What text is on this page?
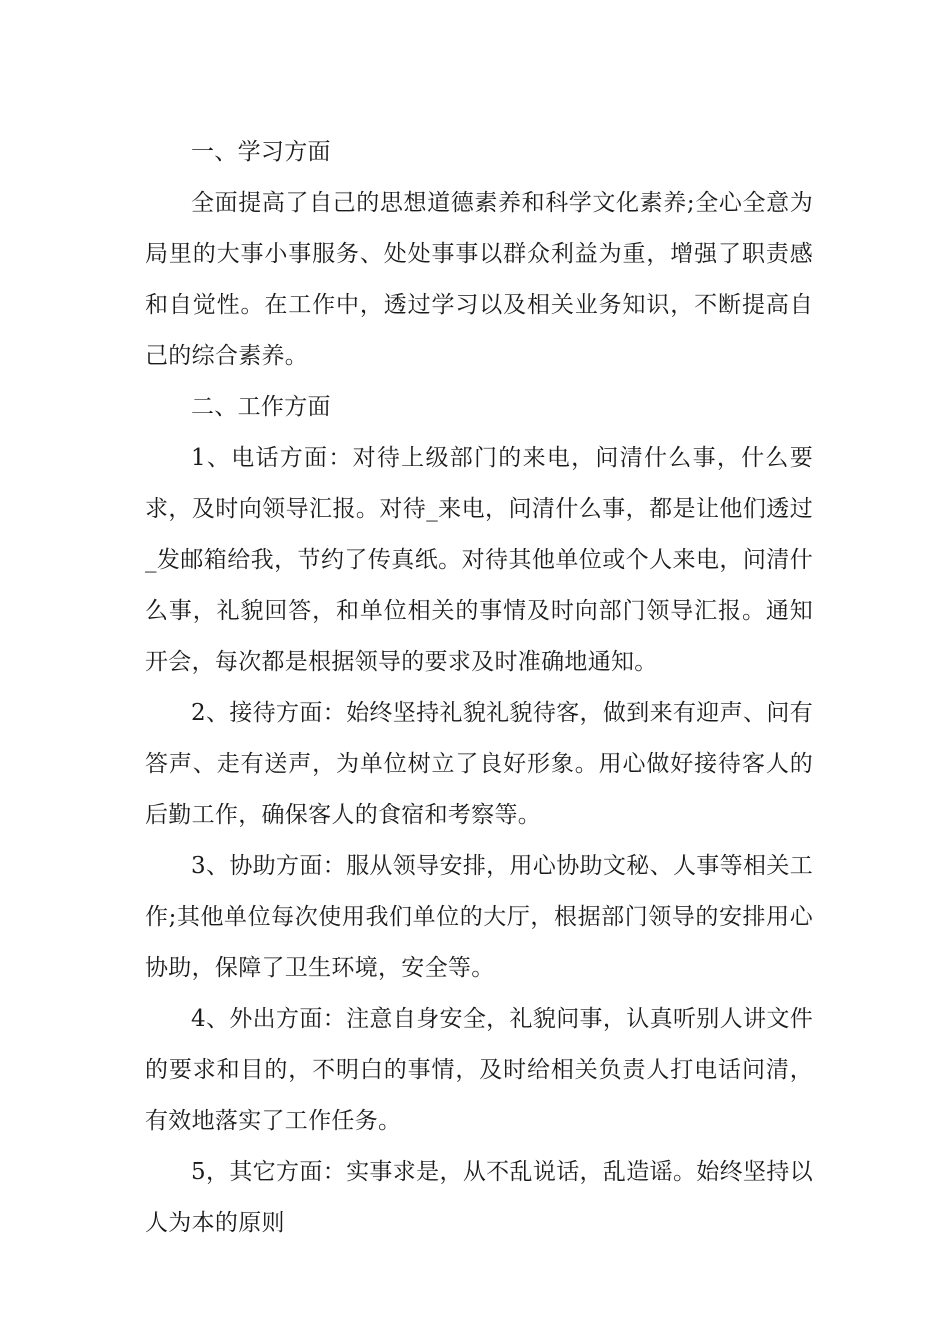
一、学习方面

全面提高了自己的思想道德素养和科学文化素养;全心全意为局里的大事小事服务、处处事事以群众利益为重，增强了职责感和自觉性。在工作中，透过学习以及相关业务知识，不断提高自己的综合素养。

二、工作方面

1、电话方面：对待上级部门的来电，问清什么事，什么要求，及时向领导汇报。对待_来电，问清什么事，都是让他们透过_发邮箱给我，节约了传真纸。对待其他单位或个人来电，问清什么事，礼貌回答，和单位相关的事情及时向部门领导汇报。通知开会，每次都是根据领导的要求及时准确地通知。

2、接待方面：始终坚持礼貌礼貌待客，做到来有迎声、问有答声、走有送声，为单位树立了良好形象。用心做好接待客人的后勤工作，确保客人的食宿和考察等。

3、协助方面：服从领导安排，用心协助文秘、人事等相关工作;其他单位每次使用我们单位的大厅，根据部门领导的安排用心协助，保障了卫生环境，安全等。

4、外出方面：注意自身安全，礼貌问事，认真听别人讲文件的要求和目的，不明白的事情，及时给相关负责人打电话问清，有效地落实了工作任务。

5，其它方面：实事求是，从不乱说话，乱造谣。始终坚持以人为本的原则
